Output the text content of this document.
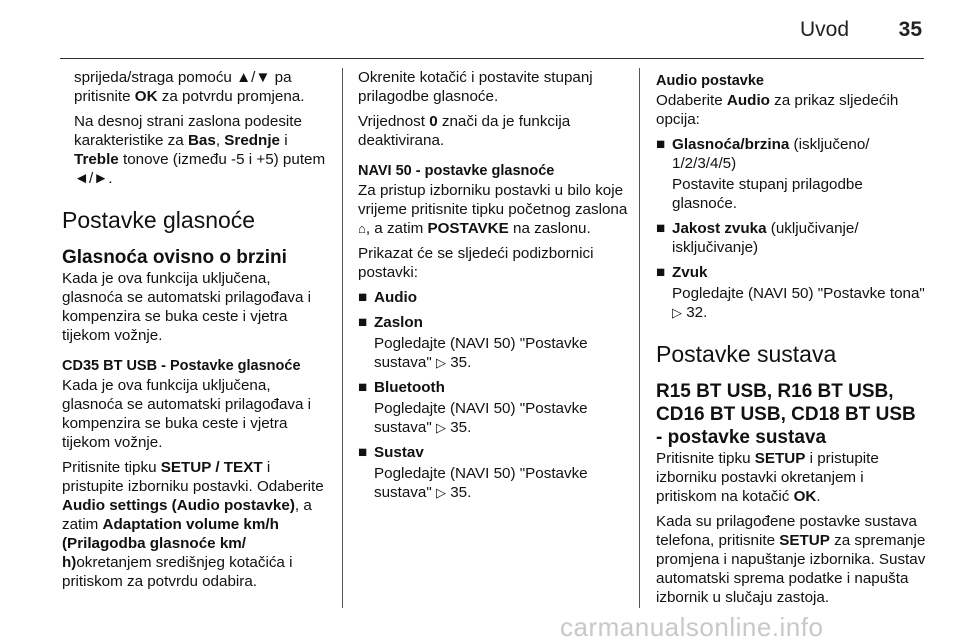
Uvod	35

sprijeda/straga pomoću ▲/▼ pa pritisnite OK za potvrdu promjena.

Na desnoj strani zaslona podesite karakteristike za Bas, Srednje i Treble tonove (između -5 i +5) putem ◄/►.

Postavke glasnoće
Glasnoća ovisno o brzini

Kada je ova funkcija uključena, glasnoća se automatski prilagođava i kompenzira se buka ceste i vjetra tijekom vožnje.

CD35 BT USB - Postavke glasnoće

Kada je ova funkcija uključena, glasnoća se automatski prilagođava i kompenzira se buka ceste i vjetra tijekom vožnje.

Pritisnite tipku SETUP / TEXT i pristupite izborniku postavki. Odaberite Audio settings (Audio postavke), a zatim Adaptation volume km/h (Prilagodba glasnoće km/ h)okretanjem središnjeg kotačića i pritiskom za potvrdu odabira.

Okrenite kotačić i postavite stupanj prilagodbe glasnoće.

Vrijednost 0 znači da je funkcija deaktivirana.

NAVI 50 - postavke glasnoće

Za pristup izborniku postavki u bilo koje vrijeme pritisnite tipku početnog zaslona ⌂, a zatim POSTAVKE na zaslonu.

Prikazat će se sljedeći podizbornici postavki:

■ Audio
■ Zaslon

Pogledajte (NAVI 50) "Postavke sustava" ▷ 35.

■ Bluetooth

Pogledajte (NAVI 50) "Postavke sustava" ▷ 35.

■ Sustav

Pogledajte (NAVI 50) "Postavke sustava" ▷ 35.

Audio postavke

Odaberite Audio za prikaz sljedećih opcija:

■ Glasnoća/brzina (isključeno/ 1/2/3/4/5)

Postavite stupanj prilagodbe glasnoće.

■ Jakost zvuka (uključivanje/ isključivanje)
■ Zvuk

Pogledajte (NAVI 50) "Postavke tona" ▷ 32.

Postavke sustava
R15 BT USB, R16 BT USB, CD16 BT USB, CD18 BT USB - postavke sustava

Pritisnite tipku SETUP i pristupite izborniku postavki okretanjem i pritiskom na kotačić OK.

Kada su prilagođene postavke sustava telefona, pritisnite SETUP za spremanje promjena i napuštanje izbornika. Sustav automatski sprema podatke i napušta izbornik u slučaju zastoja.

carmanualsonline.info
